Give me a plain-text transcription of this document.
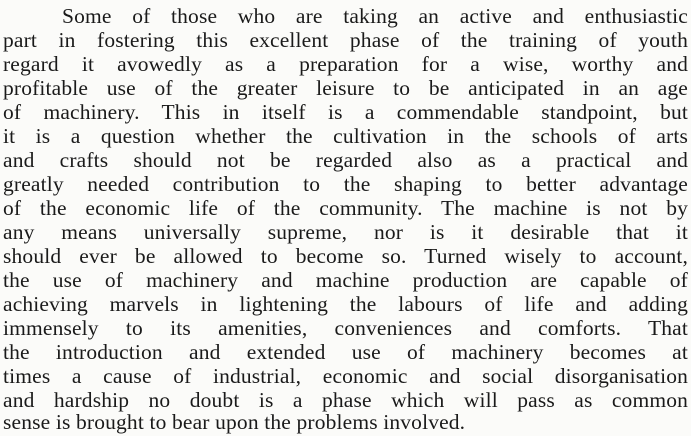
Some of those who are taking an active and enthusiastic
part in fostering this excellent phase of the training of youth
regard it avowedly as a preparation for a wise, worthy and
profitable use of the greater leisure to be anticipated in an age
of machinery. This in itself is a commendable standpoint, but
it is a question whether the cultivation in the schools of arts
and crafts should not be regarded also as a practical and
greatly needed contribution to the shaping to better advantage
of the economic life of the community. The machine is not by
any means universally supreme, nor is it desirable that it
should ever be allowed to become so. Turned wisely to account,
the use of machinery and machine production are capable of
achieving marvels in lightening the labours of life and adding
immensely to its amenities, conveniences and comforts. That
the introduction and extended use of machinery becomes at
times a cause of industrial, economic and social disorganisation
and hardship no doubt is a phase which will pass as common
sense is brought to bear upon the problems involved.
